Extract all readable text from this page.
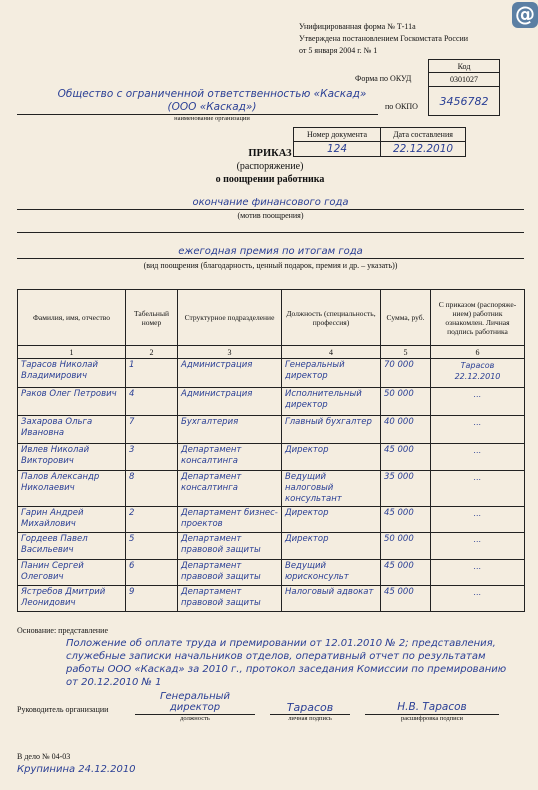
@
Унифицированная форма № Т-11а
Утверждена постановлением Госкомстата России
от 5 января 2004 г. № 1
Код
0301027
3456782
Форма по ОКУД
по ОКПО
Общество с ограниченной ответственностью «Каскад»
(ООО «Каскад»)
наименование организации
Номер документа	Дата составления
124	22.12.2010
ПРИКАЗ
(распоряжение)
о поощрении работника
окончание финансового года
(мотив поощрения)
ежегодная премия по итогам года
(вид поощрения (благодарность, ценный подарок, премия и др. – указать))
Фамилия, имя, отчество	Табельный номер	Структурное подразделение	Должность (специальность, профессия)	Сумма, руб.	С приказом (распоряже-нием) работник ознакомлен. Личная подпись работника
1	2	3	4	5	6
Тарасов Николай Владимирович	1	Администрация	Генеральный директор	70 000	Тарасов
22.12.2010

Раков Олег Петрович	4	Администрация	Исполнительный директор	50 000	...

Захарова Ольга Ивановна	7	Бухгалтерия	Главный бухгалтер	40 000	...

Ивлев Николай Викторович	3	Департамент консалтинга	Директор	45 000	...

Палов Александр Николаевич	8	Департамент консалтинга	Ведущий налоговый консультант	35 000	...

Гарин Андрей Михайлович	2	Департамент бизнес-проектов	Директор	45 000	...

Гордеев Павел Васильевич	5	Департамент правовой защиты	Директор	50 000	...

Панин Сергей Олегович	6	Департамент правовой защиты	Ведущий юрисконсульт	45 000	...

Ястребов Дмитрий Леонидович	9	Департамент правовой защиты	Налоговый адвокат	45 000	...
Основание: представление
Положение об оплате труда и премировании от 12.01.2010 № 2; представления,
служебные записки начальников отделов, оперативный отчет по результатам
работы ООО «Каскад» за 2010 г., протокол заседания Комиссии по премированию
от 20.12.2010 № 1
Руководитель организации
Генеральный
директор
должность
Тарасов
личная подпись
Н.В. Тарасов
расшифровка подписи
В дело № 04-03
Крупинина 24.12.2010
